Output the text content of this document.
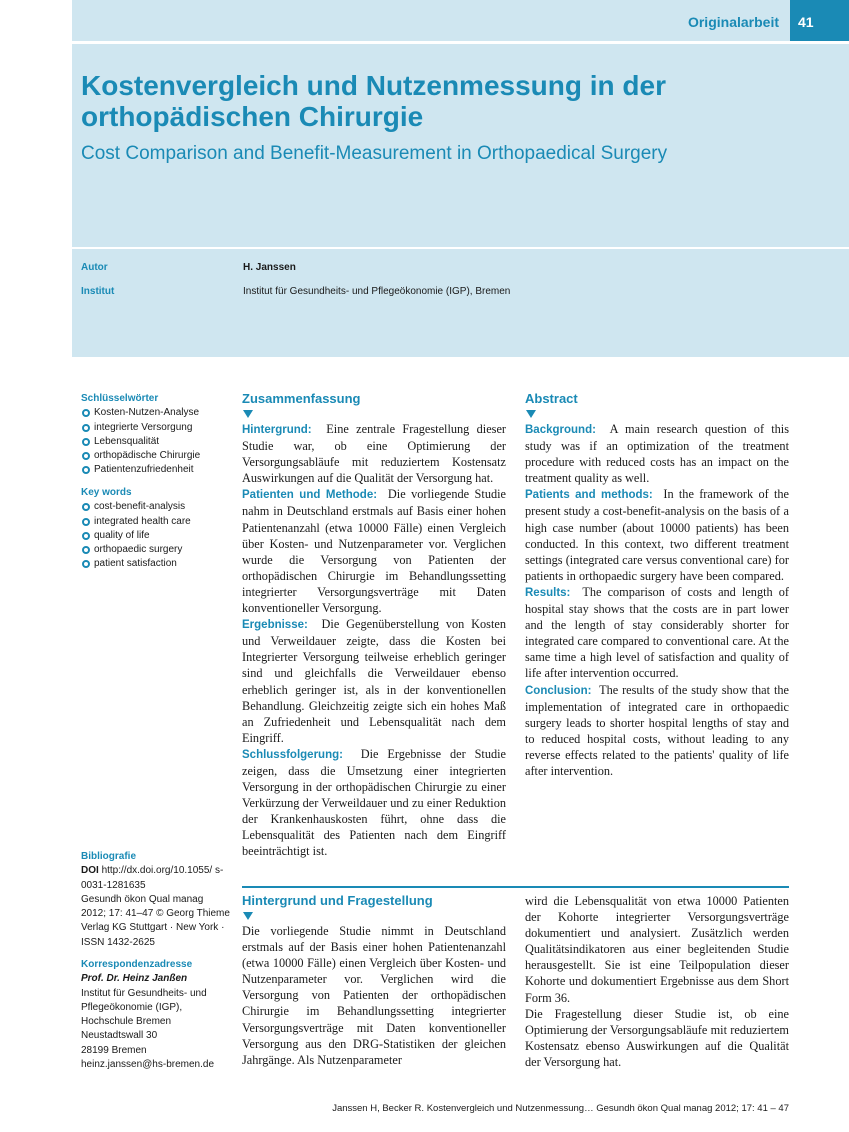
Originalarbeit	41
Kostenvergleich und Nutzenmessung in der orthopädischen Chirurgie
Cost Comparison and Benefit-Measurement in Orthopaedical Surgery
Autor	H. Janssen
Institut	Institut für Gesundheits- und Pflegeökonomie (IGP), Bremen
Schlüsselwörter
Kosten-Nutzen-Analyse
integrierte Versorgung
Lebensqualität
orthopädische Chirurgie
Patientenzufriedenheit
Key words
cost-benefit-analysis
integrated health care
quality of life
orthopaedic surgery
patient satisfaction
Bibliografie
DOI http://dx.doi.org/10.1055/ s-0031-1281635
Gesundh ökon Qual manag 2012; 17: 41–47 © Georg Thieme Verlag KG Stuttgart · New York · ISSN 1432-2625
Korrespondenzadresse
Prof. Dr. Heinz Janßen
Institut für Gesundheits- und Pflegeökonomie (IGP),
Hochschule Bremen
Neustadtswall 30
28199 Bremen
heinz.janssen@hs-bremen.de
Zusammenfassung
Hintergrund: Eine zentrale Fragestellung dieser Studie war, ob eine Optimierung der Versorgungsabläufe mit reduziertem Kostensatz Auswirkungen auf die Qualität der Versorgung hat.
Patienten und Methode: Die vorliegende Studie nahm in Deutschland erstmals auf Basis einer hohen Patientenanzahl (etwa 10000 Fälle) einen Vergleich über Kosten- und Nutzenparameter vor. Verglichen wurde die Versorgung von Patienten der orthopädischen Chirurgie im Behandlungssetting integrierter Versorgungsverträge mit Daten konventioneller Versorgung.
Ergebnisse: Die Gegenüberstellung von Kosten und Verweildauer zeigte, dass die Kosten bei Integrierter Versorgung teilweise erheblich geringer sind und gleichfalls die Verweildauer ebenso erheblich geringer ist, als in der konventionellen Behandlung. Gleichzeitig zeigte sich ein hohes Maß an Zufriedenheit und Lebensqualität nach dem Eingriff.
Schlussfolgerung: Die Ergebnisse der Studie zeigen, dass die Umsetzung einer integrierten Versorgung in der orthopädischen Chirurgie zu einer Verkürzung der Verweildauer und zu einer Reduktion der Krankenhauskosten führt, ohne dass die Lebensqualität des Patienten nach dem Eingriff beeinträchtigt ist.
Abstract
Background: A main research question of this study was if an optimization of the treatment procedure with reduced costs has an impact on the treatment quality as well.
Patients and methods: In the framework of the present study a cost-benefit-analysis on the basis of a high case number (about 10000 patients) has been conducted. In this context, two different treatment settings (integrated care versus conventional care) for patients in orthopaedic surgery have been compared.
Results: The comparison of costs and length of hospital stay shows that the costs are in part lower and the length of stay considerably shorter for integrated care compared to conventional care. At the same time a high level of satisfaction and quality of life after intervention occurred.
Conclusion: The results of the study show that the implementation of integrated care in orthopaedic surgery leads to shorter hospital lengths of stay and to reduced hospital costs, without leading to any reverse effects related to the patients' quality of life after intervention.
Hintergrund und Fragestellung
Die vorliegende Studie nimmt in Deutschland erstmals auf der Basis einer hohen Patientenanzahl (etwa 10000 Fälle) einen Vergleich über Kosten- und Nutzenparameter vor. Verglichen wird die Versorgung von Patienten der orthopädischen Chirurgie im Behandlungssetting integrierter Versorgungsverträge mit Daten konventioneller Versorgung aus den DRG-Statistiken der gleichen Jahrgänge. Als Nutzenparameter
wird die Lebensqualität von etwa 10000 Patienten der Kohorte integrierter Versorgungsverträge dokumentiert und analysiert. Zusätzlich werden Qualitätsindikatoren aus einer begleitenden Studie herausgestellt. Sie ist eine Teilpopulation dieser Kohorte und dokumentiert Ergebnisse aus dem Short Form 36.
Die Fragestellung dieser Studie ist, ob eine Optimierung der Versorgungsabläufe mit reduziertem Kostensatz ebenso Auswirkungen auf die Qualität der Versorgung hat.
Janssen H, Becker R. Kostenvergleich und Nutzenmessung… Gesundh ökon Qual manag 2012; 17: 41 – 47
